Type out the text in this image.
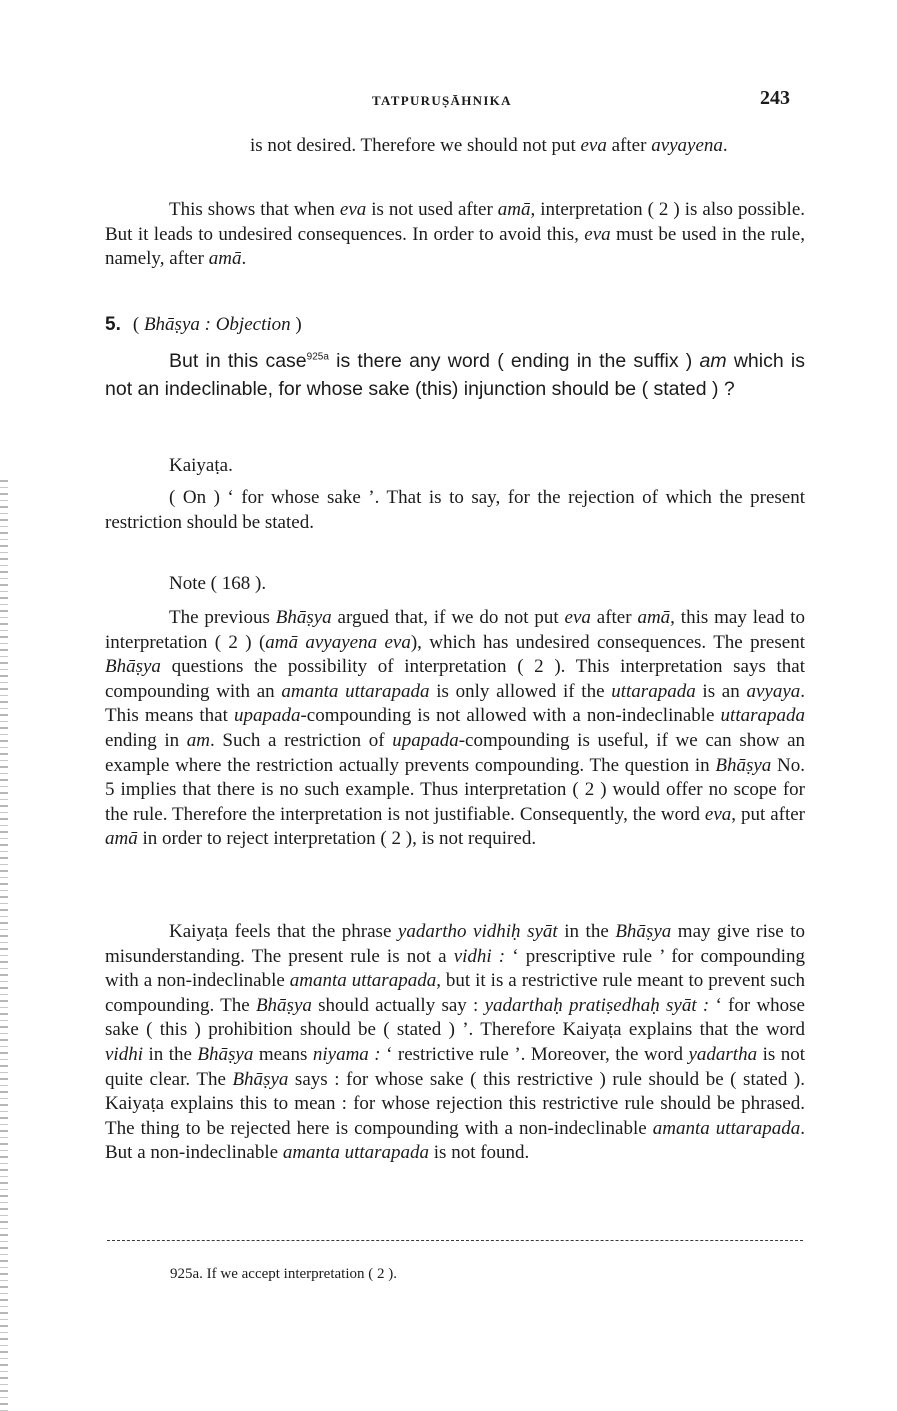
TATPURUṢĀHNIKA	243
is not desired. Therefore we should not put eva after avyayena.
This shows that when eva is not used after amā, interpretation ( 2 ) is also possible. But it leads to undesired consequences. In order to avoid this, eva must be used in the rule, namely, after amā.
5. ( Bhāṣya : Objection )
But in this case$^{925a}$ is there any word ( ending in the suffix ) am which is not an indeclinable, for whose sake (this) injunction should be ( stated ) ?
Kaiyaṭa.
( On ) ‘ for whose sake ’. That is to say, for the rejection of which the present restriction should be stated.
Note ( 168 ).
The previous Bhāṣya argued that, if we do not put eva after amā, this may lead to interpretation ( 2 ) (amā avyayena eva), which has undesired consequences. The present Bhāṣya questions the possibility of interpretation ( 2 ). This interpretation says that compounding with an amanta uttarapada is only allowed if the uttarapada is an avyaya. This means that upapada-compounding is not allowed with a non-indeclinable uttarapada ending in am. Such a restriction of upapada-compounding is useful, if we can show an example where the restriction actually prevents compounding. The question in Bhāṣya No. 5 implies that there is no such example. Thus interpretation ( 2 ) would offer no scope for the rule. Therefore the interpretation is not justifiable. Consequently, the word eva, put after amā in order to reject interpretation ( 2 ), is not required.
Kaiyaṭa feels that the phrase yadartho vidhiḥ syāt in the Bhāṣya may give rise to misunderstanding. The present rule is not a vidhi : ‘ prescriptive rule ’ for compounding with a non-indeclinable amanta uttarapada, but it is a restrictive rule meant to prevent such compounding. The Bhāṣya should actually say : yadarthaḥ pratiṣedhaḥ syāt : ‘ for whose sake ( this ) prohibition should be ( stated ) ’. Therefore Kaiyaṭa explains that the word vidhi in the Bhāṣya means niyama : ‘ restrictive rule ’. Moreover, the word yadartha is not quite clear. The Bhāṣya says : for whose sake ( this restrictive ) rule should be ( stated ). Kaiyaṭa explains this to mean : for whose rejection this restrictive rule should be phrased. The thing to be rejected here is compounding with a non-indeclinable amanta uttarapada. But a non-indeclinable amanta uttarapada is not found.
925a. If we accept interpretation ( 2 ).
